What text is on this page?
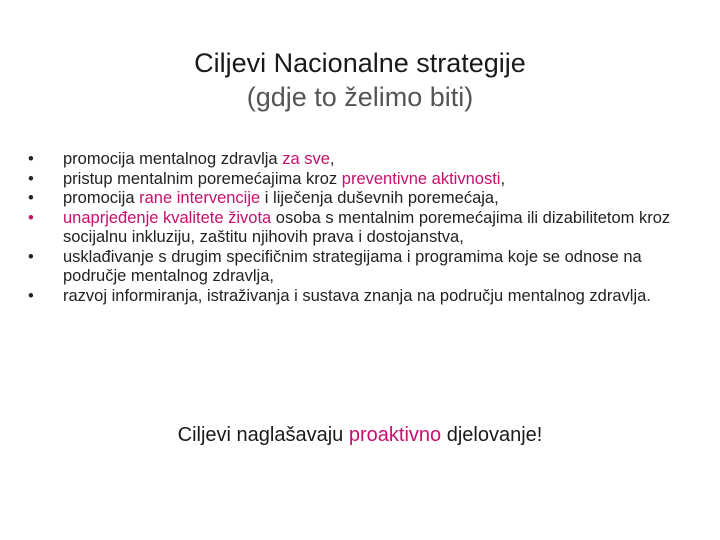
Ciljevi Nacionalne strategije
(gdje to želimo biti)
•	promocija mentalnog zdravlja za sve,
•	pristup mentalnim poremećajima kroz preventivne aktivnosti,
•	promocija rane intervencije i liječenja duševnih poremećaja,
•	unaprjeđenje kvalitete života osoba s mentalnim poremećajima ili dizabilitetom kroz socijalnu inkluziju, zaštitu njihovih prava i dostojanstva,
•	usklađivanje s drugim specifičnim strategijama i programima koje se odnose na područje mentalnog zdravlja,
•	razvoj informiranja, istraživanja i sustava znanja na području mentalnog zdravlja.
Ciljevi naglašavaju proaktivno djelovanje!
